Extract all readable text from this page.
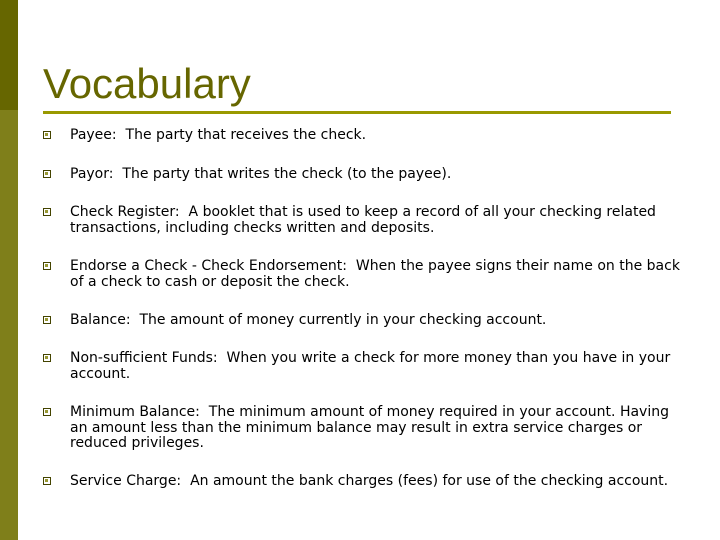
Vocabulary
Payee: The party that receives the check.
Payor: The party that writes the check (to the payee).
Check Register: A booklet that is used to keep a record of all your checking related transactions, including checks written and deposits.
Endorse a Check - Check Endorsement: When the payee signs their name on the back of a check to cash or deposit the check.
Balance: The amount of money currently in your checking account.
Non-sufficient Funds: When you write a check for more money than you have in your account.
Minimum Balance: The minimum amount of money required in your account. Having an amount less than the minimum balance may result in extra service charges or reduced privileges.
Service Charge: An amount the bank charges (fees) for use of the checking account.
